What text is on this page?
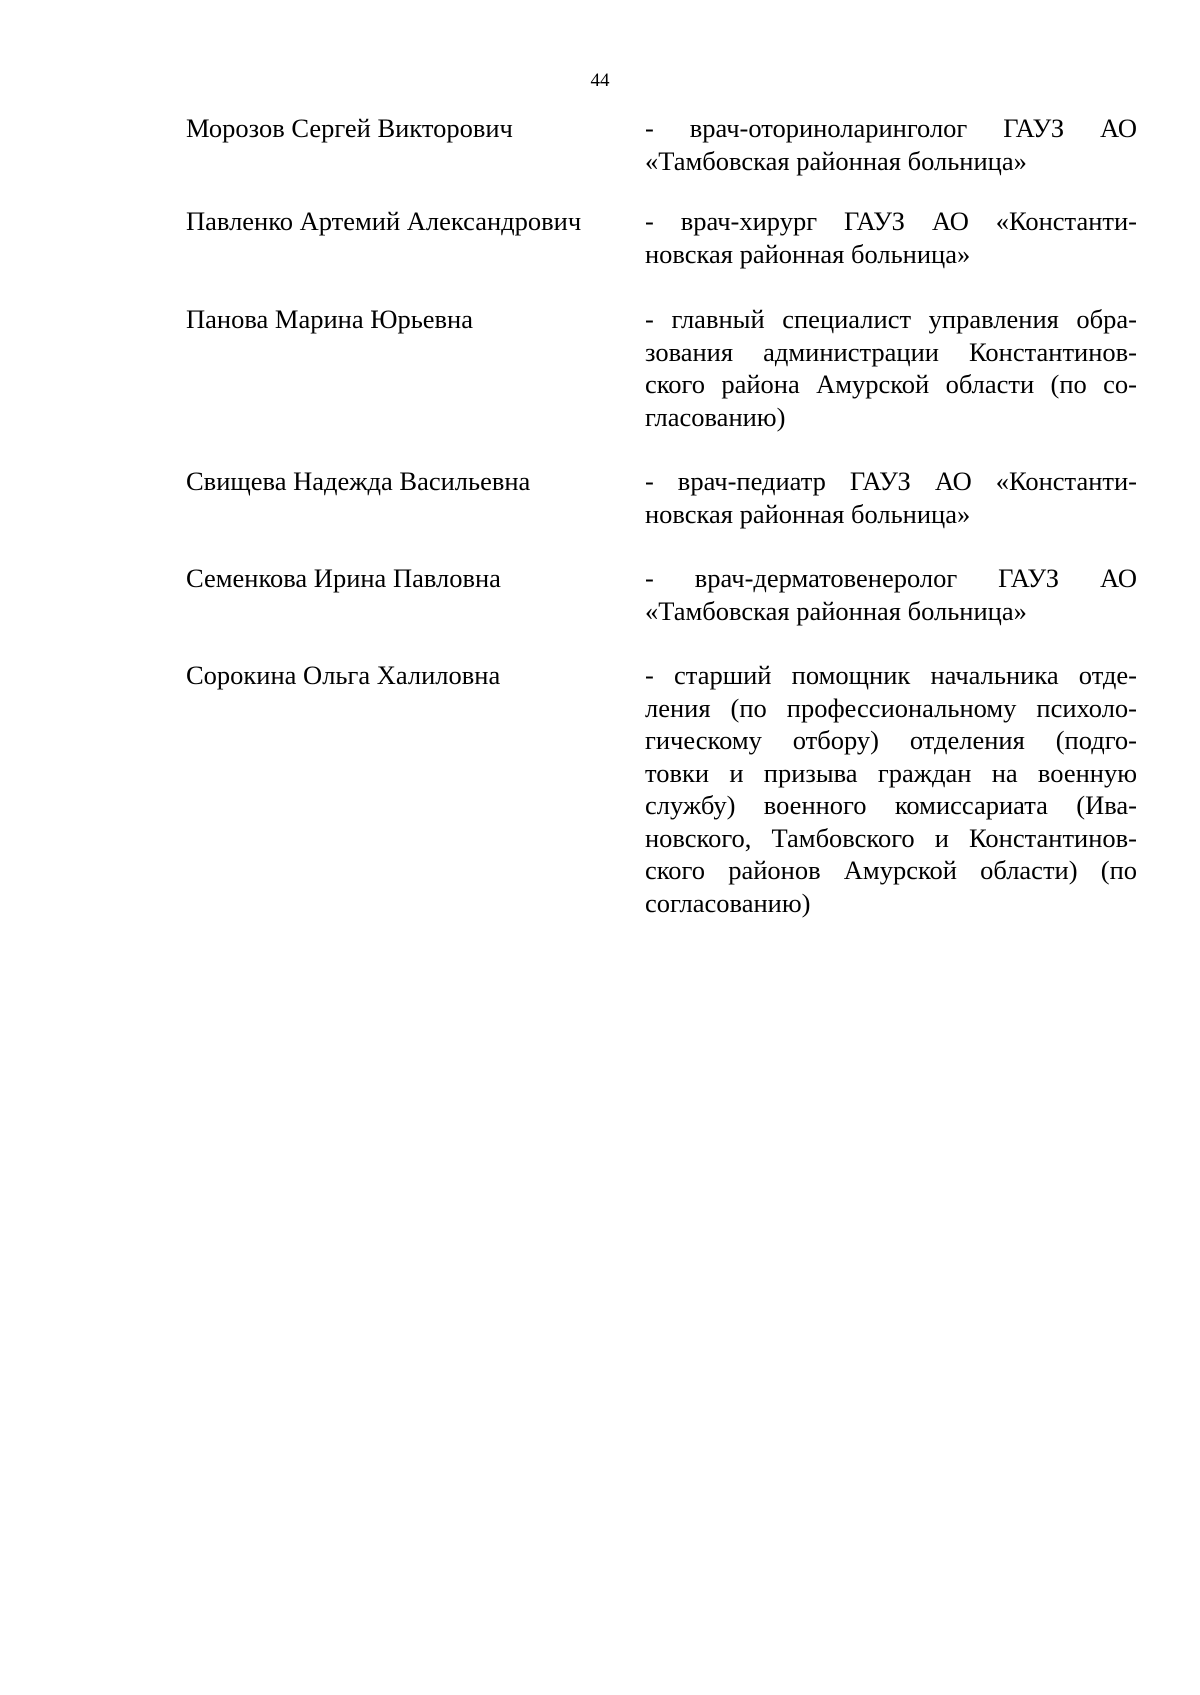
44
Морозов Сергей Викторович	- врач-оториноларинголог ГАУЗ АО
«Тамбовская районная больница»
Павленко Артемий Александрович	- врач-хирург ГАУЗ АО «Константи-
новская районная больница»
Панова Марина Юрьевна	- главный специалист управления обра-
зования администрации Константинов-
ского района Амурской области (по со-
гласованию)
Свищева Надежда Васильевна	- врач-педиатр ГАУЗ АО «Константи-
новская районная больница»
Семенкова Ирина Павловна	- врач-дерматовенеролог ГАУЗ АО
«Тамбовская районная больница»
Сорокина Ольга Халиловна	- старший помощник начальника отде-
ления (по профессиональному психоло-
гическому отбору) отделения (подго-
товки и призыва граждан на военную
службу) военного комиссариата (Ива-
новского, Тамбовского и Константинов-
ского районов Амурской области) (по
согласованию)
